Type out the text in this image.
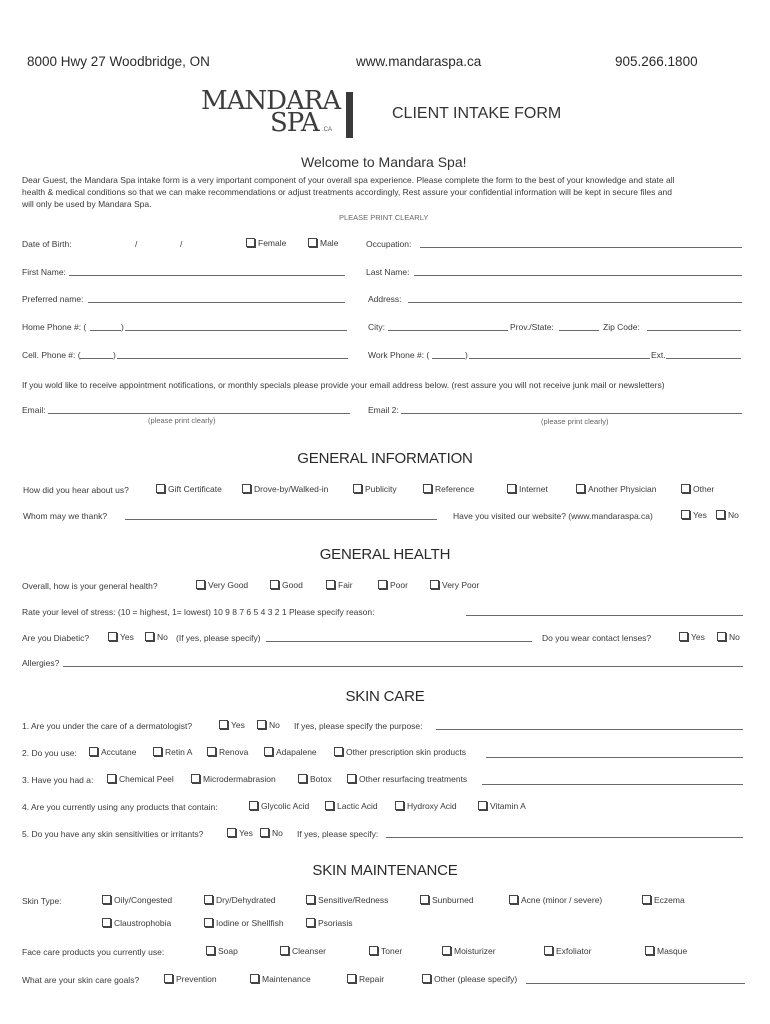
8000 Hwy 27 Woodbridge, ON	www.mandaraspa.ca	905.266.1800
MANDARA
SPA .CA
CLIENT INTAKE FORM
Welcome to Mandara Spa!
Dear Guest, the Mandara Spa intake form is a very important component of your overall spa experience. Please complete the form to the best of your knowledge and state all
health & medical conditions so that we can make recommendations or adjust treatments accordingly, Rest assure your confidential information will be kept in secure files and
will only be used by Mandara Spa.
PLEASE PRINT CLEARLY
Date of Birth:	/	/	Female	Male	Occupation:
First Name:	Last Name:
Preferred name:	Address:
Home Phone #: (	)	City:	Prov./State:	Zip Code:
Cell. Phone #: (	)	Work Phone #: (	)	Ext.
If you wold like to receive appointment notifications, or monthly specials please provide your email address below. (rest assure you will not receive junk mail or newsletters)
Email:
(please print clearly)
Email 2:
(please print clearly)
GENERAL INFORMATION
How did you hear about us?	Gift Certificate	Drove-by/Walked-in	Publicity	Reference	Internet	Another Physician	Other
Whom may we thank?	Have you visited our website? (www.mandaraspa.ca)	Yes	No
GENERAL HEALTH
Overall, how is your general health?	Very Good	Good	Fair	Poor	Very Poor
Rate your level of stress: (10 = highest, 1= lowest) 10 9 8 7 6 5 4 3 2 1 Please specify reason:
Are you Diabetic?	Yes	No (If yes, please specify)	Do you wear contact lenses?	Yes	No
Allergies?
SKIN CARE
1. Are you under the care of a dermatologist?	Yes	No If yes, please specify the purpose:
2. Do you use:	Accutane	Retin A	Renova	Adapalene	Other prescription skin products
3. Have you had a:	Chemical Peel	Microdermabrasion	Botox	Other resurfacing treatments
4. Are you currently using any products that contain:	Glycolic Acid	Lactic Acid	Hydroxy Acid	Vitamin A
5. Do you have any skin sensitivities or irritants?	Yes	No If yes, please specify:
SKIN MAINTENANCE
Skin Type:	Oily/Congested	Dry/Dehydrated	Sensitive/Redness	Sunburned	Acne (minor / severe)	Eczema
Claustrophobia	Iodine or Shellfish	Psoriasis
Face care products you currently use:	Soap	Cleanser	Toner	Moisturizer	Exfoliator	Masque
What are your skin care goals?	Prevention	Maintenance	Repair	Other (please specify)
